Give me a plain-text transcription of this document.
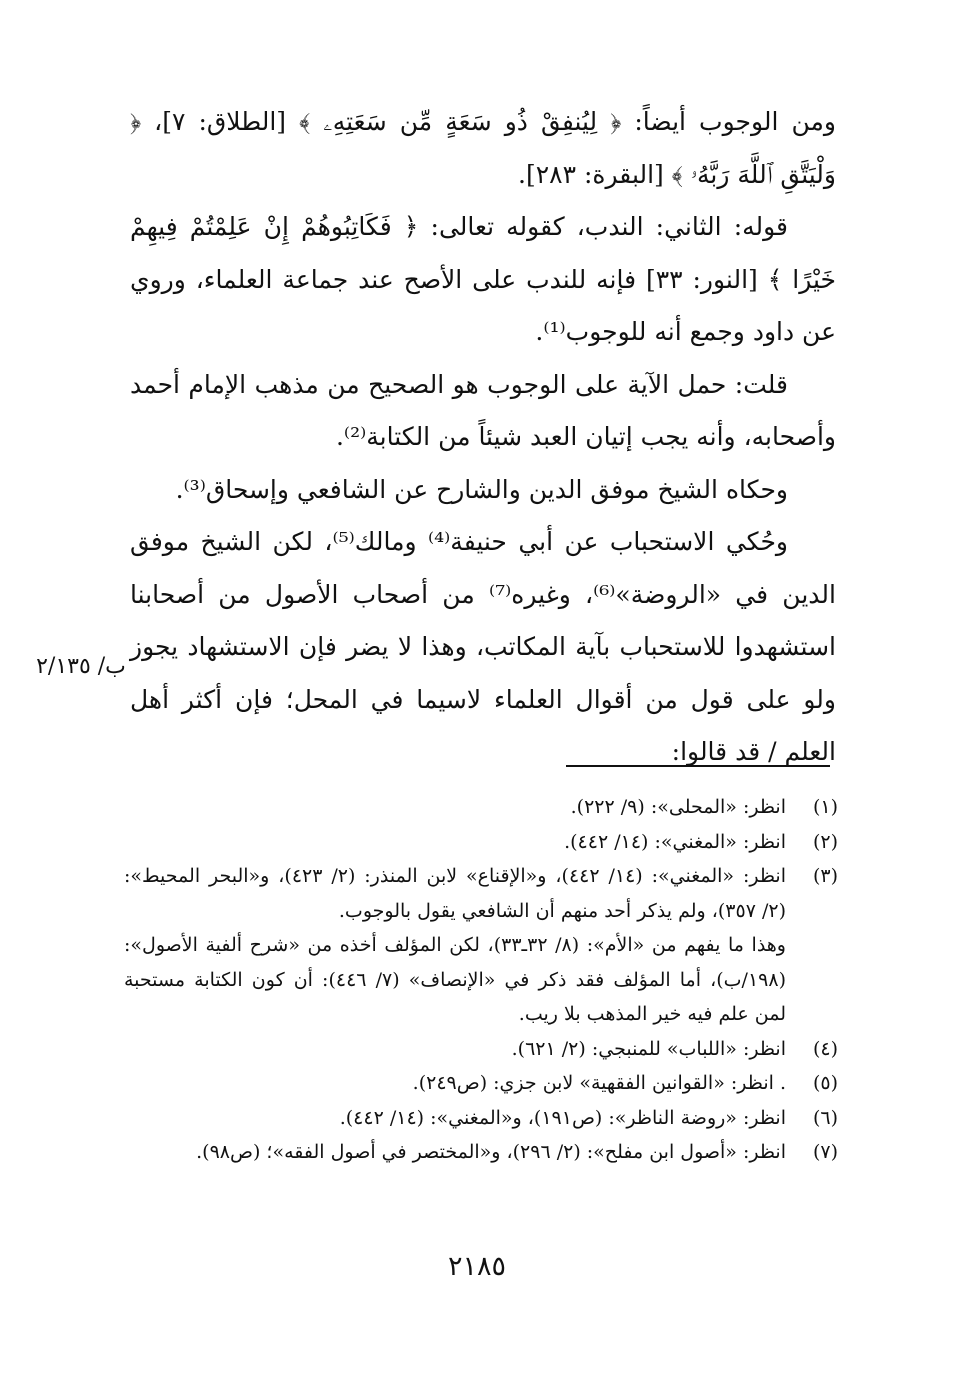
ومن الوجوب أيضاً: ﴿ لِيُنفِقْ ذُو سَعَةٍ مِّن سَعَتِهِۦ ﴾ [الطلاق: ٧]، ﴿ وَلْيَتَّقِ ٱللَّهَ رَبَّهُۥ ﴾ [البقرة: ٢٨٣].

قوله: الثاني: الندب، كقوله تعالى: ﴿ فَكَاتِبُوهُمْ إِنْ عَلِمْتُمْ فِيهِمْ خَيْرًا ﴾ [النور: ٣٣] فإنه للندب على الأصح عند جماعة العلماء، وروي عن داود وجمع أنه للوجوب⁽¹⁾.

قلت: حمل الآية على الوجوب هو الصحيح من مذهب الإمام أحمد وأصحابه، وأنه يجب إتيان العبد شيئاً من الكتابة⁽²⁾.

وحكاه الشيخ موفق الدين والشارح عن الشافعي وإسحاق⁽³⁾.

وحُكي الاستحباب عن أبي حنيفة⁽⁴⁾ ومالك⁽⁵⁾، لكن الشيخ موفق الدين في «الروضة»⁽⁶⁾، وغيره⁽⁷⁾ من أصحاب الأصول من أصحابنا استشهدوا للاستحباب بآية المكاتب، وهذا لا يضر فإن الاستشهاد يجوز ولو على قول من أقوال العلماء لاسيما في المحل؛ فإن أكثر أهل العلم / قد قالوا:

ب/ ٢/١٣٥
(١)

انظر: «المحلى»: (٩/ ٢٢٢).

(٢)

انظر: «المغني»: (١٤/ ٤٤٢).

(٣)

انظر: «المغني»: (١٤/ ٤٤٢)، و«الإقناع» لابن المنذر: (٢/ ٤٢٣)، و«البحر المحيط»: (٢/ ٣٥٧)، ولم يذكر أحد منهم أن الشافعي يقول بالوجوب.

وهذا ما يفهم من «الأم»: (٨/ ٣٢ـ٣٣)، لكن المؤلف أخذه من «شرح ألفية الأصول»: (١٩٨/ب)، أما المؤلف فقد ذكر في «الإنصاف» (٧/ ٤٤٦): أن كون الكتابة مستحبة لمن علم فيه خير المذهب بلا ريب.

(٤)

انظر: «اللباب» للمنبجي: (٢/ ٦٢١).

(٥)

. انظر: «القوانين الفقهية» لابن جزي: (ص٢٤٩).

(٦)

انظر: «روضة الناظر»: (ص١٩١)، و«المغني»: (١٤/ ٤٤٢).

(٧)

انظر: «أصول ابن مفلح»: (٢/ ٢٩٦)، و«المختصر في أصول الفقه»؛ (ص٩٨).

٢١٨٥
